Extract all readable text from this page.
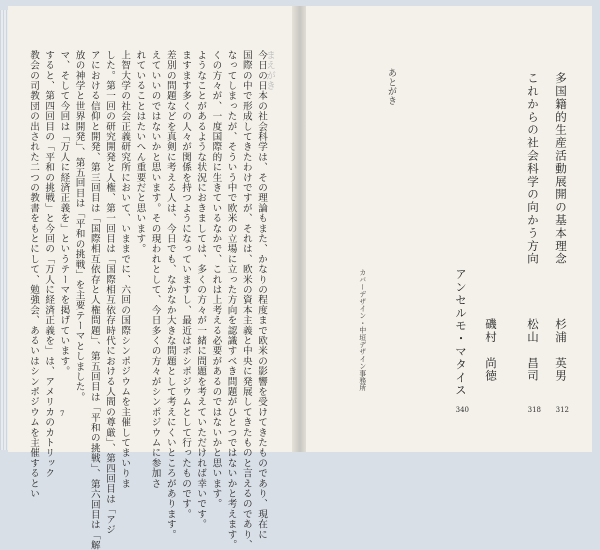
まえがき
今日の日本の社会科学は、その理論もまた、かなりの程度まで欧米の影響を受けてきたものであり、現在に
国際の中で形成してきたわけですが、それは、欧米の資本主義と中央に発展してきたものと言えるのであり、
なってしまったが、そういう中で欧米の立場に立った方向を認識すべき問題がひとつではないかと考えます。
くの方々が、一度国際的に生きているなかで、これは上考える必要があるのではないかと思います。
ようなことがあるような状況におきましては、多くの方々が一緒に問題を考えていただければ幸いです。
ますます多くの人々が関係を持つようになっていますし、最近はポシポジウムとして行ったものです。
差別の問題などを真剣に考える人は、今日でも、なかなか大きな問題として考えにくいところがあります。
えていいのではないかと思います。その現われとして、今日多くの方々がシンポジウムに参加さ
れていることはたいへん重要だと思います。
上智大学の社会正義研究所において、いままでに、六回の国際シンポジウムを主催してまいりま
した。第一回の研究開発と人権、第一回目は「国際相互依存時代における人間の尊厳」、第四回目は「アジ
アにおける信仰と開発、第三回目は「国際相互依存と人権問題」、第五回目は「平和の挑戦」、第六回目は「解
放の神学と世界開発」、第五回目は「平和の挑戦」を主要テーマとしました。
マ、そして今回は「万人に経済正義を」というテーマを掲げています。
すると、第四回目の「平和の挑戦」と今回の「万人に経済正義を」は、アメリカのカトリック
教会の司教団の出された二つの教書をもとにして、勉強会、あるいはシンポジウムを主催するとい	7
多国籍的生産活動展開の基本理念
杉浦　英男
312
これからの社会科学の向かう方向
松山　昌司
318
磯村　尚徳
アンセルモ・マタイス
340
あとがき
カバーデザイン・中垣デザイン事務所
